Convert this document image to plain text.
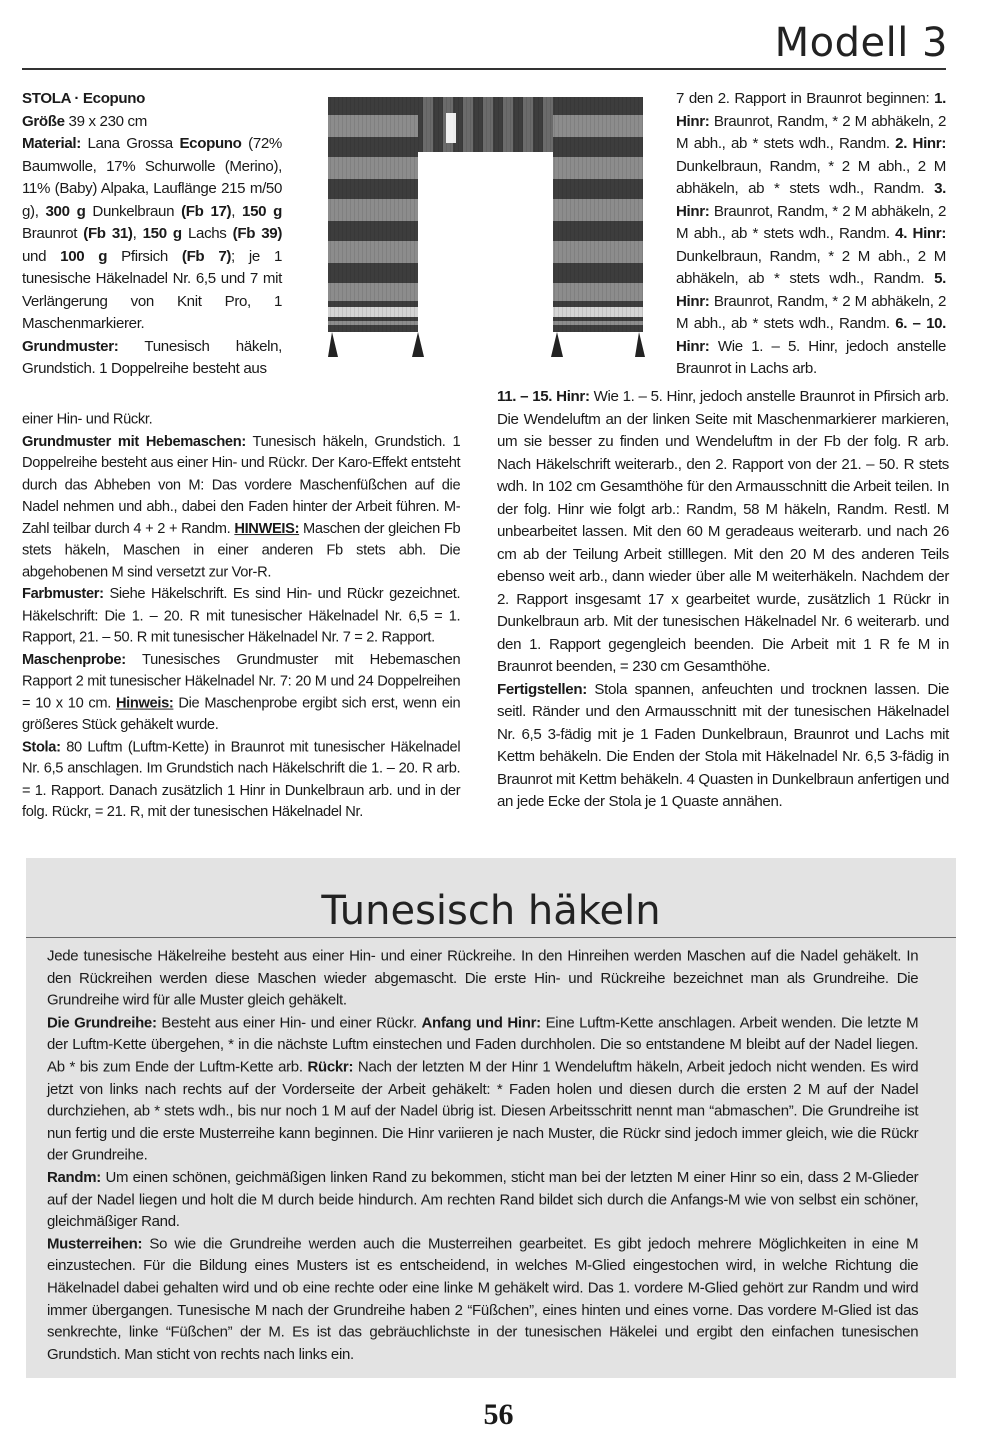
Modell 3

STOLA · Ecopuno

Größe 39 x 230 cm

Material: Lana Grossa Ecopuno (72% Baumwolle, 17% Schurwolle (Merino), 11% (Baby) Alpaka, Lauflänge 215 m/50 g), 300 g Dunkelbraun (Fb 17), 150 g Braunrot (Fb 31), 150 g Lachs (Fb 39) und 100 g Pfirsich (Fb 7); je 1 tunesische Häkelnadel Nr. 6,5 und 7 mit Verlängerung von Knit Pro, 1 Maschenmarkierer.

Grundmuster: Tunesisch häkeln, Grundstich. 1 Doppelreihe besteht aus

7 den 2. Rapport in Braunrot beginnen: 1. Hinr: Braunrot, Randm, * 2 M abhäkeln, 2 M abh., ab * stets wdh., Randm. 2. Hinr: Dunkelbraun, Randm, * 2 M abh., 2 M abhäkeln, ab * stets wdh., Randm. 3. Hinr: Braunrot, Randm, * 2 M abhäkeln, 2 M abh., ab * stets wdh., Randm. 4. Hinr: Dunkelbraun, Randm, * 2 M abh., 2 M abhäkeln, ab * stets wdh., Randm. 5. Hinr: Braunrot, Randm, * 2 M abhäkeln, 2 M abh., ab * stets wdh., Randm. 6. – 10. Hinr: Wie 1. – 5. Hinr, jedoch anstelle Braunrot in Lachs arb.

einer Hin- und Rückr.

Grundmuster mit Hebemaschen: Tunesisch häkeln, Grundstich. 1 Doppelreihe besteht aus einer Hin- und Rückr. Der Karo-Effekt entsteht durch das Abheben von M: Das vordere Maschenfüßchen auf die Nadel nehmen und abh., dabei den Faden hinter der Arbeit führen. M-Zahl teilbar durch 4 + 2 + Randm. HINWEIS: Maschen der gleichen Fb stets häkeln, Maschen in einer anderen Fb stets abh. Die abgehobenen M sind versetzt zur Vor-R.

Farbmuster: Siehe Häkelschrift. Es sind Hin- und Rückr gezeichnet. Häkelschrift: Die 1. – 20. R mit tunesischer Häkelnadel Nr. 6,5 = 1. Rapport, 21. – 50. R mit tunesischer Häkelnadel Nr. 7 = 2. Rapport.

Maschenprobe: Tunesisches Grundmuster mit Hebemaschen Rapport 2 mit tunesischer Häkelnadel Nr. 7: 20 M und 24 Doppelreihen = 10 x 10 cm. Hinweis: Die Maschenprobe ergibt sich erst, wenn ein größeres Stück gehäkelt wurde.

Stola: 80 Luftm (Luftm-Kette) in Braunrot mit tunesischer Häkelnadel Nr. 6,5 anschlagen. Im Grundstich nach Häkelschrift die 1. – 20. R arb. = 1. Rapport. Danach zusätzlich 1 Hinr in Dunkelbraun arb. und in der folg. Rückr, = 21. R, mit der tunesischen Häkelnadel Nr.

11. – 15. Hinr: Wie 1. – 5. Hinr, jedoch anstelle Braunrot in Pfirsich arb. Die Wendeluftm an der linken Seite mit Maschenmarkierer markieren, um sie besser zu finden und Wendeluftm in der Fb der folg. R arb. Nach Häkelschrift weiterarb., den 2. Rapport von der 21. – 50. R stets wdh. In 102 cm Gesamthöhe für den Armausschnitt die Arbeit teilen. In der folg. Hinr wie folgt arb.: Randm, 58 M häkeln, Randm. Restl. M unbearbeitet lassen. Mit den 60 M geradeaus weiterarb. und nach 26 cm ab der Teilung Arbeit stilllegen. Mit den 20 M des anderen Teils ebenso weit arb., dann wieder über alle M weiterhäkeln. Nachdem der 2. Rapport insgesamt 17 x gearbeitet wurde, zusätzlich 1 Rückr in Dunkelbraun arb. Mit der tunesischen Häkelnadel Nr. 6 weiterarb. und den 1. Rapport gegengleich beenden. Die Arbeit mit 1 R fe M in Braunrot beenden, = 230 cm Gesamthöhe.

Fertigstellen: Stola spannen, anfeuchten und trocknen lassen. Die seitl. Ränder und den Armausschnitt mit der tunesischen Häkelnadel Nr. 6,5 3-fädig mit je 1 Faden Dunkelbraun, Braunrot und Lachs mit Kettm behäkeln. Die Enden der Stola mit Häkelnadel Nr. 6,5 3-fädig in Braunrot mit Kettm behäkeln. 4 Quasten in Dunkelbraun anfertigen und an jede Ecke der Stola je 1 Quaste annähen.

Tunesisch häkeln

Jede tunesische Häkelreihe besteht aus einer Hin- und einer Rückreihe. In den Hinreihen werden Maschen auf die Nadel gehäkelt. In den Rückreihen werden diese Maschen wieder abgemascht. Die erste Hin- und Rückreihe bezeichnet man als Grundreihe. Die Grundreihe wird für alle Muster gleich gehäkelt.

Die Grundreihe: Besteht aus einer Hin- und einer Rückr. Anfang und Hinr: Eine Luftm-Kette anschlagen. Arbeit wenden. Die letzte M der Luftm-Kette übergehen, * in die nächste Luftm einstechen und Faden durchholen. Die so entstandene M bleibt auf der Nadel liegen. Ab * bis zum Ende der Luftm-Kette arb. Rückr: Nach der letzten M der Hinr 1 Wendeluftm häkeln, Arbeit jedoch nicht wenden. Es wird jetzt von links nach rechts auf der Vorderseite der Arbeit gehäkelt: * Faden holen und diesen durch die ersten 2 M auf der Nadel durchziehen, ab * stets wdh., bis nur noch 1 M auf der Nadel übrig ist. Diesen Arbeitsschritt nennt man “abmaschen”. Die Grundreihe ist nun fertig und die erste Musterreihe kann beginnen. Die Hinr variieren je nach Muster, die Rückr sind jedoch immer gleich, wie die Rückr der Grundreihe.

Randm: Um einen schönen, geichmäßigen linken Rand zu bekommen, sticht man bei der letzten M einer Hinr so ein, dass 2 M-Glieder auf der Nadel liegen und holt die M durch beide hindurch. Am rechten Rand bildet sich durch die Anfangs-M wie von selbst ein schöner, gleichmäßiger Rand.

Musterreihen: So wie die Grundreihe werden auch die Musterreihen gearbeitet. Es gibt jedoch mehrere Möglichkeiten in eine M einzustechen. Für die Bildung eines Musters ist es entscheidend, in welches M-Glied eingestochen wird, in welche Richtung die Häkelnadel dabei gehalten wird und ob eine rechte oder eine linke M gehäkelt wird. Das 1. vordere M-Glied gehört zur Randm und wird immer übergangen. Tunesische M nach der Grundreihe haben 2 “Füßchen”, eines hinten und eines vorne. Das vordere M-Glied ist das senkrechte, linke “Füßchen” der M. Es ist das gebräuchlichste in der tunesischen Häkelei und ergibt den einfachen tunesischen Grundstich. Man sticht von rechts nach links ein.

56
